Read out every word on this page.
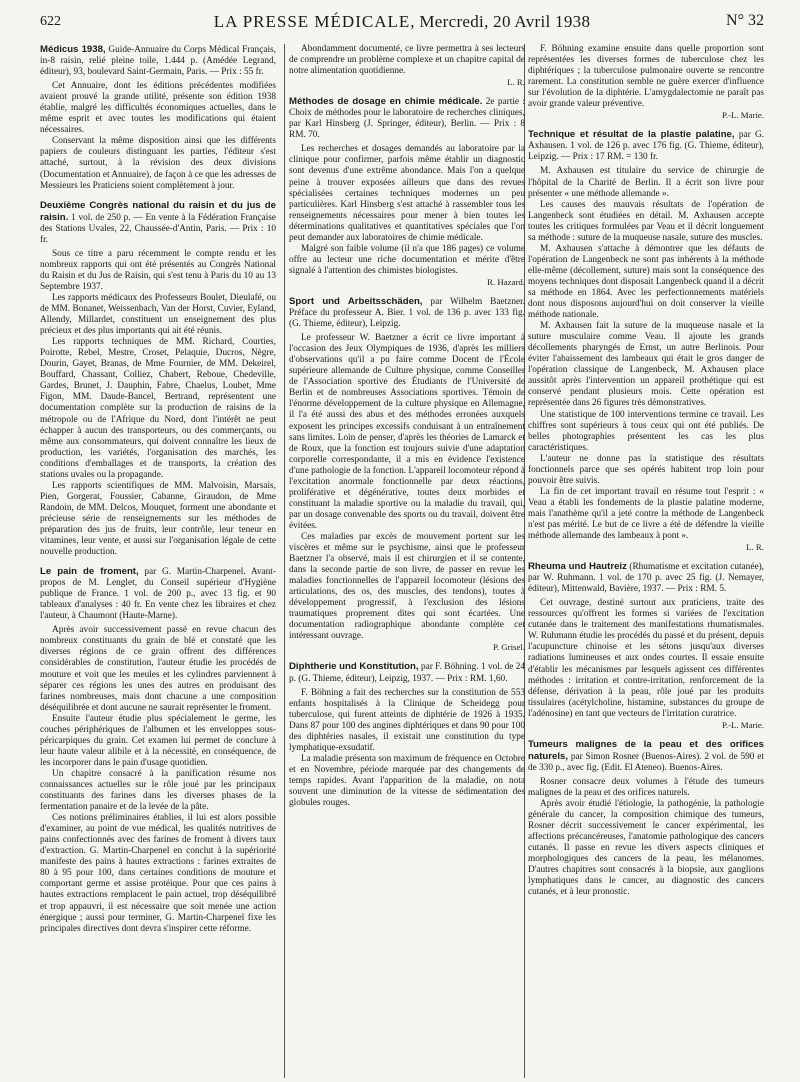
622	LA PRESSE MÉDICALE, Mercredi, 20 Avril 1938	N° 32

Médicus 1938, Guide-Annuaire du Corps Médical Français, in-8 raisin, relié pleine toile, 1.444 p. (Amédée Legrand, éditeur), 93, boulevard Saint-Germain, Paris. — Prix : 55 fr.

Cet Annuaire, dont les éditions précédentes modifiées avaient prouvé la grande utilité, présente son édition 1938 établie, malgré les difficultés économiques actuelles, dans le même esprit et avec toutes les modifications qui étaient nécessaires.

Conservant la même disposition ainsi que les différents papiers de couleurs distinguant les parties, l'éditeur s'est attaché, surtout, à la révision des deux divisions (Documentation et Annuaire), de façon à ce que les adresses de Messieurs les Praticiens soient complètement à jour.

Deuxième Congrès national du raisin et du jus de raisin. 1 vol. de 250 p. — En vente à la Fédération Française des Stations Uvales, 22, Chaussée-d'Antin, Paris. — Prix : 10 fr.

Sous ce titre a paru récemment le compte rendu et les nombreux rapports qui ont été présentés au Congrès National du Raisin et du Jus de Raisin, qui s'est tenu à Paris du 10 au 13 Septembre 1937.

Les rapports médicaux des Professeurs Boulet, Dieulafé, ou de MM. Bonanet, Weissenbach, Van der Horst, Cuvier, Eyland, Allendy, Millardet, constituent un enseignement des plus précieux et des plus importants qui ait été réunis.

Les rapports techniques de MM. Richard, Courties, Poirotte, Rebel, Mestre, Croset, Pelaquie, Ducros, Nègre, Dourin, Gayet, Branas, de Mme Fournier, de MM. Dekeirel, Bouffard, Chassant, Colliez, Chabert, Reboue, Chedeville, Gardes, Brunet, J. Dauphin, Fabre, Chaelus, Loubet, Mme Figon, MM. Daude-Bancel, Bertrand, représentent une documentation complète sur la production de raisins de la métropole ou de l'Afrique du Nord, dont l'intérêt ne peut échapper à aucun des transporteurs, ou des commerçants, ou même aux consommateurs, qui doivent connaître les lieux de production, les variétés, l'organisation des marchés, les conditions d'emballages et de transports, la création des stations uvales ou la propagande.

Les rapports scientifiques de MM. Malvoisin, Marsais, Pien, Gorgerat, Foussier, Cabanne, Giraudon, de Mme Randoin, de MM. Delcos, Mouquet, forment une abondante et précieuse série de renseignements sur les méthodes de préparation des jus de fruits, leur contrôle, leur teneur en vitamines, leur vente, et aussi sur l'organisation légale de cette nouvelle production.

Le pain de froment, par G. Martin-Charpenel. Avant-propos de M. Lenglet, du Conseil supérieur d'Hygiène publique de France. 1 vol. de 200 p., avec 13 fig. et 90 tableaux d'analyses : 40 fr. En vente chez les libraires et chez l'auteur, à Chaumont (Haute-Marne).

Après avoir successivement passé en revue chacun des nombreux constituants du grain de blé et constaté que les diverses régions de ce grain offrent des différences considérables de constitution, l'auteur étudie les procédés de mouture et voit que les meules et les cylindres parviennent à séparer ces régions les unes des autres en produisant des farines nombreuses, mais dont chacune a une composition déséquilibrée et dont aucune ne saurait représenter le froment.

Ensuite l'auteur étudie plus spécialement le germe, les couches périphériques de l'albumen et les enveloppes sous-péricarpiques du grain. Cet examen lui permet de conclure à leur haute valeur alibile et à la nécessité, en conséquence, de les incorporer dans le pain d'usage quotidien.

Un chapitre consacré à la panification résume nos connaissances actuelles sur le rôle joué par les principaux constituants des farines dans les diverses phases de la fermentation panaire et de la levée de la pâte.

Ces notions préliminaires établies, il lui est alors possible d'examiner, au point de vue médical, les qualités nutritives de pains confectionnés avec des farines de froment à divers taux d'extraction. G. Martin-Charpenel en conclut à la supériorité manifeste des pains à hautes extractions : farines extraites de 80 à 95 pour 100, dans certaines conditions de mouture et comportant germe et assise protéique. Pour que ces pains à hautes extractions remplacent le pain actuel, trop déséquilibré et trop appauvri, il est nécessaire que soit menée une action énergique ; aussi pour terminer, G. Martin-Charpenel fixe les principales directives dont devra s'inspirer cette réforme.

Abondamment documenté, ce livre permettra à ses lecteurs de comprendre un problème complexe et un chapitre capital de notre alimentation quotidienne.

L. R.

Méthodes de dosage en chimie médicale. 2e partie : Choix de méthodes pour le laboratoire de recherches cliniques, par Karl Hinsberg (J. Springer, éditeur), Berlin. — Prix : 8 RM. 70.

Les recherches et dosages demandés au laboratoire par la clinique pour confirmer, parfois même établir un diagnostic sont devenus d'une extrême abondance. Mais l'on a quelque peine à trouver exposées ailleurs que dans des revues spécialisées certaines techniques modernes un peu particulières. Karl Hinsberg s'est attaché à rassembler tous les renseignements nécessaires pour mener à bien toutes les déterminations qualitatives et quantitatives spéciales que l'on peut demander aux laboratoires de chimie médicale.

Malgré son faible volume (il n'a que 186 pages) ce volume offre au lecteur une riche documentation et mérite d'être signalé à l'attention des chimistes biologistes.

R. Hazard.

Sport und Arbeitsschäden, par Wilhelm Baetzner. Préface du professeur A. Bier. 1 vol. de 136 p. avec 133 fig. (G. Thieme, éditeur), Leipzig.

Le professeur W. Baetzner a écrit ce livre important à l'occasion des Jeux Olympiques de 1936, d'après les milliers d'observations qu'il a pu faire comme Docent de l'École supérieure allemande de Culture physique, comme Conseiller de l'Association sportive des Étudiants de l'Université de Berlin et de nombreuses Associations sportives. Témoin de l'énorme développement de la culture physique en Allemagne, il l'a été aussi des abus et des méthodes erronées auxquels exposent les principes excessifs conduisant à un entraînement sans limites. Loin de penser, d'après les théories de Lamarck et de Roux, que la fonction est toujours suivie d'une adaptation corporelle correspondante, il a mis en évidence l'existence d'une pathologie de la fonction. L'appareil locomoteur répond à l'excitation anormale fonctionnelle par deux réactions, proliférative et dégénérative, toutes deux morbides et constituant la maladie sportive ou la maladie du travail, qui, par un dosage convenable des sports ou du travail, doivent être évitées.

Ces maladies par excès de mouvement portent sur les viscères et même sur le psychisme, ainsi que le professeur Baetzner l'a observé, mais il est chirurgien et il se contente, dans la seconde partie de son livre, de passer en revue les maladies fonctionnelles de l'appareil locomoteur (lésions des articulations, des os, des muscles, des tendons), toutes à développement progressif, à l'exclusion des lésions traumatiques proprement dites qui sont écartées. Une documentation radiographique abondante complète cet intéressant ouvrage.

P. Grisel.

Diphtherie und Konstitution, par F. Böhning. 1 vol. de 24 p. (G. Thieme, éditeur), Leipzig, 1937. — Prix : RM. 1,60.

F. Böhning a fait des recherches sur la constitution de 553 enfants hospitalisés à la Clinique de Scheidegg pour tuberculose, qui furent atteints de diphtérie de 1926 à 1935. Dans 87 pour 100 des angines diphtériques et dans 90 pour 100 des diphtéries nasales, il existait une constitution du type lymphatique-exsudatif.

La maladie présenta son maximum de fréquence en Octobre et en Novembre, période marquée par des changements de temps rapides. Avant l'apparition de la maladie, on nota souvent une diminution de la vitesse de sédimentation des globules rouges.

F. Böhning examine ensuite dans quelle proportion sont représentées les diverses formes de tuberculose chez les diphtériques ; la tuberculose pulmonaire ouverte se rencontre rarement. La constitution semble ne guère exercer d'influence sur l'évolution de la diphtérie. L'amygdalectomie ne paraît pas avoir grande valeur préventive.

P.-L. Marie.

Technique et résultat de la plastie palatine, par G. Axhausen. 1 vol. de 126 p. avec 176 fig. (G. Thieme, éditeur), Leipzig. — Prix : 17 RM. = 130 fr.

M. Axhausen est titulaire du service de chirurgie de l'hôpital de la Charité de Berlin. Il a écrit son livre pour présenter « une méthode allemande ».

Les causes des mauvais résultats de l'opération de Langenbeck sont étudiées en détail. M. Axhausen accepte toutes les critiques formulées par Veau et il décrit longuement sa méthode : suture de la muqueuse nasale, suture des muscles.

M. Axhausen s'attache à démontrer que les défauts de l'opération de Langenbeck ne sont pas inhérents à la méthode elle-même (décollement, suture) mais sont la conséquence des moyens techniques dont disposait Langenbeck quand il a décrit sa méthode en 1864. Avec les perfectionnements matériels dont nous disposons aujourd'hui on doit conserver la vieille méthode nationale.

M. Axhausen fait la suture de la muqueuse nasale et la suture musculaire comme Veau. Il ajoute les grands décollements pharyngés de Ernst, un autre Berlinois. Pour éviter l'abaissement des lambeaux qui était le gros danger de l'opération classique de Langenbeck, M. Axhausen place aussitôt après l'intervention un appareil prothétique qui est conservé pendant plusieurs mois. Cette opération est représentée dans 26 figures très démonstratives.

Une statistique de 100 interventions termine ce travail. Les chiffres sont supérieurs à tous ceux qui ont été publiés. De belles photographies présentent les cas les plus caractéristiques.

L'auteur ne donne pas la statistique des résultats fonctionnels parce que ses opérés habitent trop loin pour pouvoir être suivis.

La fin de cet important travail en résume tout l'esprit : « Veau a établi les fondements de la plastie palatine moderne, mais l'anathème qu'il a jeté contre la méthode de Langenbeck n'est pas mérité. Le but de ce livre a été de défendre la vieille méthode allemande des lambeaux à pont ».

L. R.

Rheuma und Hautreiz (Rhumatisme et excitation cutanée), par W. Ruhmann. 1 vol. de 170 p. avec 25 fig. (J. Nemayer, éditeur), Mittenwald, Bavière, 1937. — Prix : RM. 5.

Cet ouvrage, destiné surtout aux praticiens, traite des ressources qu'offrent les formes si variées de l'excitation cutanée dans le traitement des manifestations rhumatismales. W. Ruhmann étudie les procédés du passé et du présent, depuis l'acupuncture chinoise et les sétons jusqu'aux diverses radiations lumineuses et aux ondes courtes. Il essaie ensuite d'établir les mécanismes par lesquels agissent ces différentes méthodes : irritation et contre-irritation, renforcement de la défense, dérivation à la peau, rôle joué par les produits tissulaires (acétylcholine, histamine, substances du groupe de l'adénosine) en tant que vecteurs de l'irritation curatrice.

P.-L. Marie.

Tumeurs malignes de la peau et des orifices naturels, par Simon Rosner (Buenos-Aires). 2 vol. de 590 et de 330 p., avec fig. (Edit. El Ateneo). Buenos-Aires.

Rosner consacre deux volumes à l'étude des tumeurs malignes de la peau et des orifices naturels.

Après avoir étudié l'étiologie, la pathogénie, la pathologie générale du cancer, la composition chimique des tumeurs, Rosner décrit successivement le cancer expérimental, les affections précancéreuses, l'anatomie pathologique des cancers cutanés. Il passe en revue les divers aspects cliniques et morphologiques des cancers de la peau, les mélanomes. D'autres chapitres sont consacrés à la biopsie, aux ganglions lymphatiques dans le cancer, au diagnostic des cancers cutanés, et à leur pronostic.
